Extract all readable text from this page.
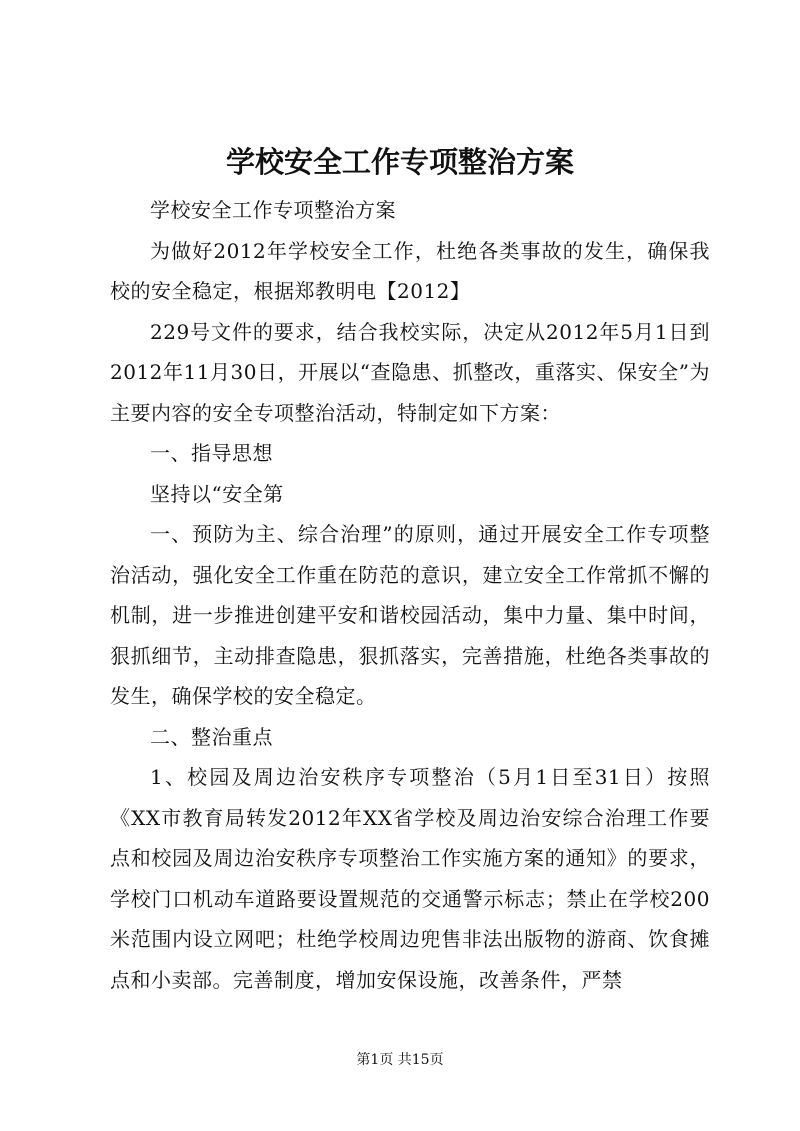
学校安全工作专项整治方案

学校安全工作专项整治方案

为做好2012年学校安全工作，杜绝各类事故的发生，确保我校的安全稳定，根据郑教明电【2012】

229号文件的要求，结合我校实际，决定从2012年5月1日到2012年11月30日，开展以“查隐患、抓整改，重落实、保安全”为主要内容的安全专项整治活动，特制定如下方案：

一、指导思想

坚持以“安全第

一、预防为主、综合治理”的原则，通过开展安全工作专项整治活动，强化安全工作重在防范的意识，建立安全工作常抓不懈的机制，进一步推进创建平安和谐校园活动，集中力量、集中时间，狠抓细节，主动排查隐患，狠抓落实，完善措施，杜绝各类事故的发生，确保学校的安全稳定。

二、整治重点

1、校园及周边治安秩序专项整治（5月1日至31日）按照《XX市教育局转发2012年XX省学校及周边治安综合治理工作要点和校园及周边治安秩序专项整治工作实施方案的通知》的要求，学校门口机动车道路要设置规范的交通警示标志；禁止在学校200米范围内设立网吧；杜绝学校周边兜售非法出版物的游商、饮食摊点和小卖部。完善制度，增加安保设施，改善条件，严禁

第1页 共15页
